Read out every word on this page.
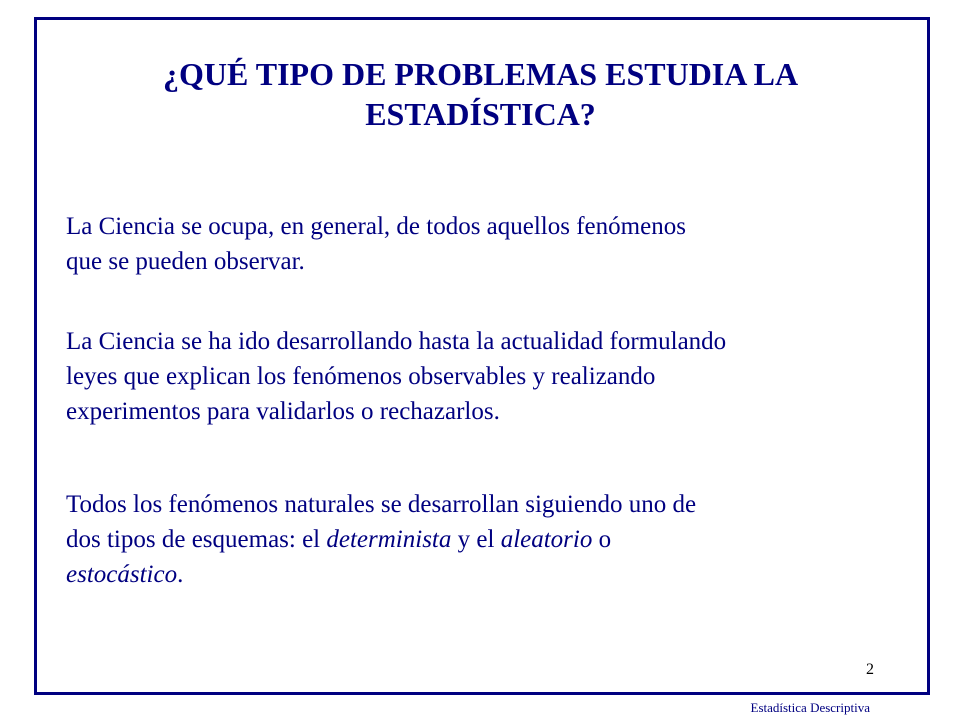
¿QUÉ TIPO DE PROBLEMAS ESTUDIA LA
ESTADÍSTICA?

La Ciencia se ocupa, en general, de todos aquellos fenómenos
que se pueden observar.

La Ciencia se ha ido desarrollando hasta la actualidad formulando
leyes que explican los fenómenos observables y realizando
experimentos para validarlos o rechazarlos.

Todos los fenómenos naturales se desarrollan siguiendo uno de
dos tipos de esquemas: el determinista y el aleatorio o
estocástico.

2
Estadística Descriptiva
